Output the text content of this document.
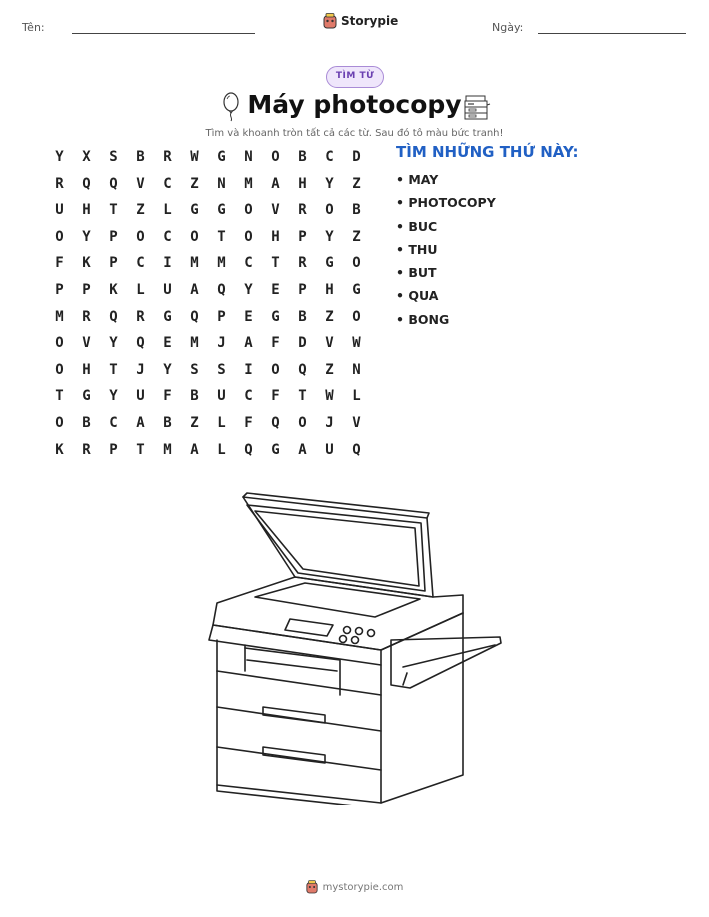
Tên:	Storypie	Ngày:
TÌM TỪ
Máy photocopy
Tìm và khoanh tròn tất cả các từ. Sau đó tô màu bức tranh!
Y	X	S	B	R	W	G	N	O	B	C	D
R	Q	Q	V	C	Z	N	M	A	H	Y	Z
U	H	T	Z	L	G	G	O	V	R	O	B
O	Y	P	O	C	O	T	O	H	P	Y	Z
F	K	P	C	I	M	M	C	T	R	G	O
P	P	K	L	U	A	Q	Y	E	P	H	G
M	R	Q	R	G	Q	P	E	G	B	Z	O
O	V	Y	Q	E	M	J	A	F	D	V	W
O	H	T	J	Y	S	S	I	O	Q	Z	N
T	G	Y	U	F	B	U	C	F	T	W	L
O	B	C	A	B	Z	L	F	Q	O	J	V
K	R	P	T	M	A	L	Q	G	A	U	Q
TÌM NHỮNG THỨ NÀY:
• MAY
• PHOTOCOPY
• BUC
• THU
• BUT
• QUA
• BONG
mystorypie.com
